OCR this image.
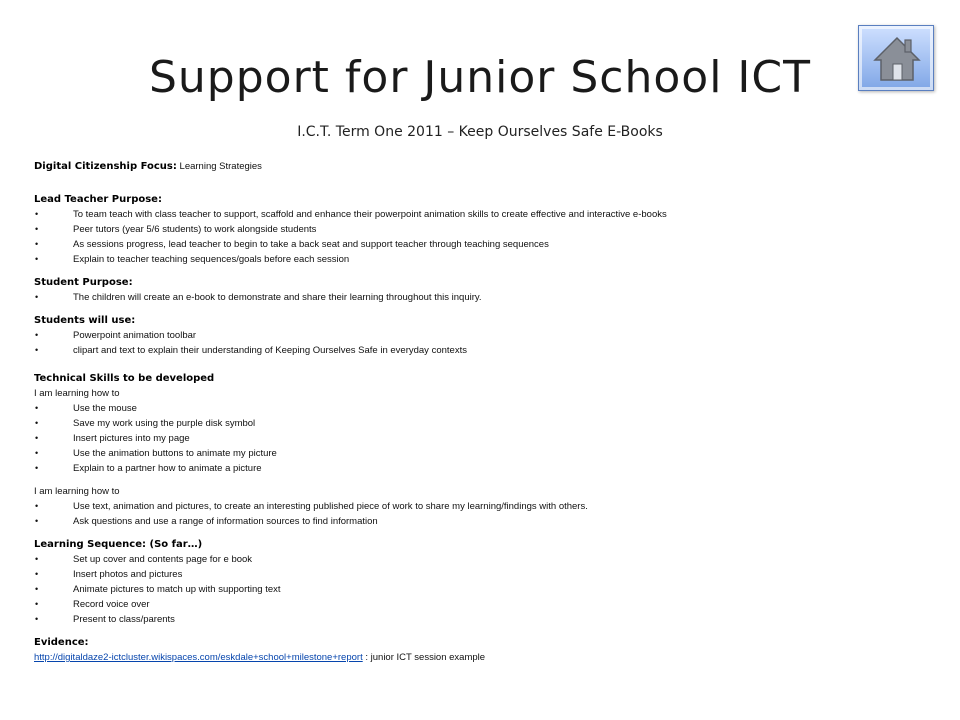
Support for Junior School ICT
I.C.T. Term One 2011 – Keep Ourselves Safe E-Books
Digital Citizenship Focus: Learning Strategies
Lead Teacher Purpose:
• To team teach with class teacher to support, scaffold and enhance their powerpoint animation skills to create effective and interactive e-books
• Peer tutors (year 5/6 students) to work alongside students
• As sessions progress, lead teacher to begin to take a back seat and support teacher through teaching sequences
• Explain to teacher teaching sequences/goals before each session
Student Purpose:
• The children will create an e-book to demonstrate and share their learning throughout this inquiry.
Students will use:
• Powerpoint animation toolbar
• clipart and text to explain their understanding of Keeping Ourselves Safe in everyday contexts
Technical Skills to be developed
I am learning how to
• Use the mouse
• Save my work using the purple disk symbol
• Insert pictures into my page
• Use the animation buttons to animate my picture
• Explain to a partner how to animate a picture
I am learning how to
• Use text, animation and pictures, to create an interesting published piece of work to share my learning/findings with others.
• Ask questions and use a range of information sources to find information
Learning Sequence: (So far…)
• Set up cover and contents page for e book
• Insert photos and pictures
• Animate pictures to match up with supporting text
• Record voice over
• Present to class/parents
Evidence:
http://digitaldaze2-ictcluster.wikispaces.com/eskdale+school+milestone+report : junior ICT session example
